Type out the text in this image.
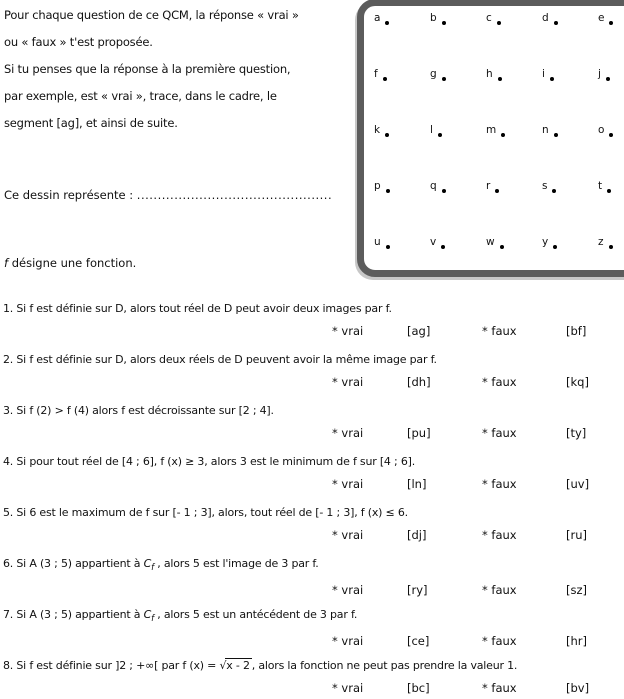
Pour chaque question de ce QCM, la réponse « vrai »
ou « faux » t'est proposée.
Si tu penses que la réponse à la première question,
par exemple, est « vrai », trace, dans le cadre, le
segment [ag], et ainsi de suite.
Ce dessin représente : ...............................................
f désigne une fonction.
a	b	c	d	e
f	g	h	i	j
k	l	m	n	o
p	q	r	s	t
u	v	w	y	z
1. Si f est définie sur D, alors tout réel de D peut avoir deux images par f.
* vrai	[ag]	* faux	[bf]
2. Si f est définie sur D, alors deux réels de D peuvent avoir la même image par f.
* vrai	[dh]	* faux	[kq]
3. Si f (2) > f (4) alors f est décroissante sur [2 ; 4].
* vrai	[pu]	* faux	[ty]
4. Si pour tout réel de [4 ; 6], f (x) ≥ 3, alors 3 est le minimum de f sur [4 ; 6].
* vrai	[ln]	* faux	[uv]
5. Si 6 est le maximum de f sur [- 1 ; 3], alors, tout réel de [- 1 ; 3], f (x) ≤ 6.
* vrai	[dj]	* faux	[ru]
6. Si A (3 ; 5) appartient à $C_f$ , alors 5 est l'image de 3 par f.
* vrai	[ry]	* faux	[sz]
7. Si A (3 ; 5) appartient à $C_f$ , alors 5 est un antécédent de 3 par f.
* vrai	[ce]	* faux	[hr]
8. Si f est définie sur ]2 ; +∞[ par f (x) = √x - 2 , alors la fonction ne peut pas prendre la valeur 1.
* vrai	[bc]	* faux	[bv]
